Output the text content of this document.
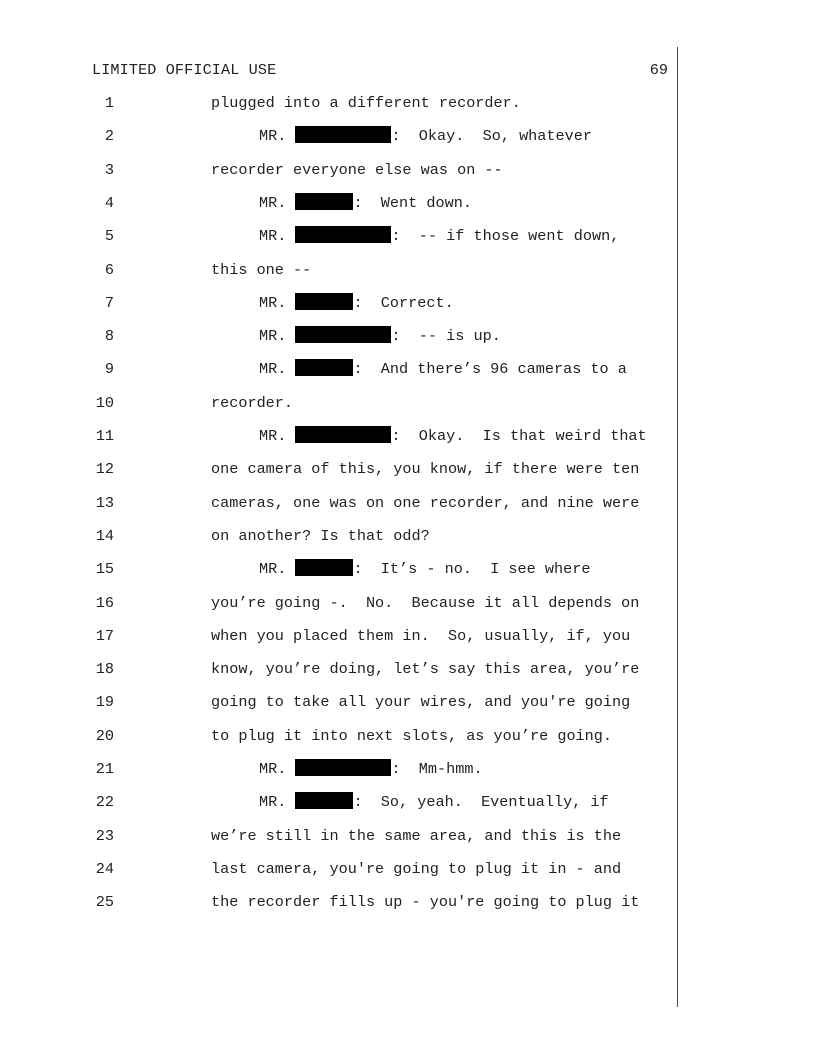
LIMITED OFFICIAL USE	69
1	plugged into a different recorder.
2	MR.	:  Okay.  So, whatever
3	recorder everyone else was on --
4	MR.	:  Went down.
5	MR.	:  -- if those went down,
6	this one --
7	MR.	:  Correct.
8	MR.	:  -- is up.
9	MR.	:  And there’s 96 cameras to a
10	recorder.
11	MR.	:  Okay.  Is that weird that
12	one camera of this, you know, if there were ten
13	cameras, one was on one recorder, and nine were
14	on another? Is that odd?
15	MR.	:  It’s - no.  I see where
16	you’re going -.  No.  Because it all depends on
17	when you placed them in.  So, usually, if, you
18	know, you’re doing, let’s say this area, you’re
19	going to take all your wires, and you're going
20	to plug it into next slots, as you’re going.
21	MR.	:  Mm-hmm.
22	MR.	:  So, yeah.  Eventually, if
23	we’re still in the same area, and this is the
24	last camera, you're going to plug it in - and
25	the recorder fills up - you're going to plug it
